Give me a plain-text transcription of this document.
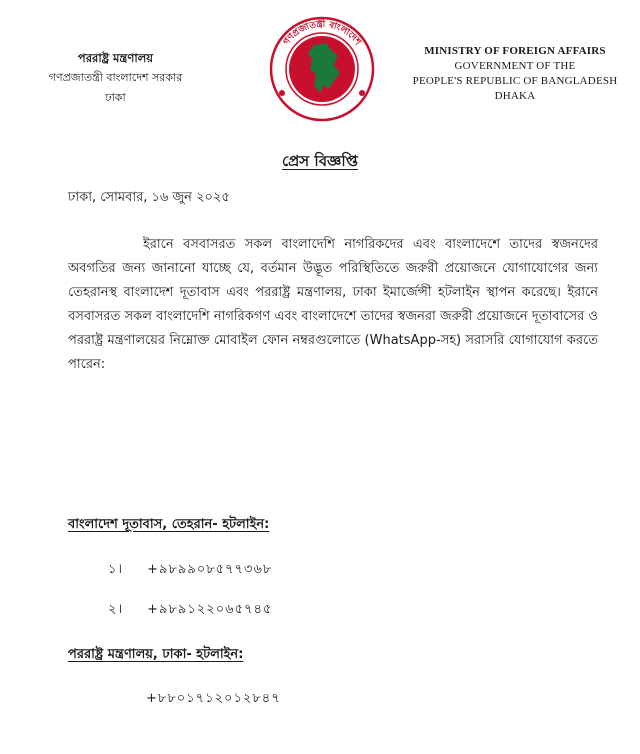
পররাষ্ট্র মন্ত্রণালয়
গণপ্রজাতন্ত্রী বাংলাদেশ সরকার
ঢাকা
গণপ্রজাতন্ত্রী বাংলাদেশ
সরকার
MINISTRY OF FOREIGN AFFAIRS
GOVERNMENT OF THE
PEOPLE'S REPUBLIC OF BANGLADESH
DHAKA
প্রেস বিজ্ঞপ্তি
ঢাকা, সোমবার, ১৬ জুন ২০২৫
ইরানে বসবাসরত সকল বাংলাদেশি নাগরিকদের এবং বাংলাদেশে তাদের স্বজনদের অবগতির জন্য জানানো যাচ্ছে যে, বর্তমান উদ্ভূত পরিস্থিতিতে জরুরী প্রয়োজনে যোগাযোগের জন্য তেহরানস্থ বাংলাদেশ দূতাবাস এবং পররাষ্ট্র মন্ত্রণালয়, ঢাকা ইমার্জেন্সী হটলাইন স্থাপন করেছে। ইরানে বসবাসরত সকল বাংলাদেশি নাগরিকগণ এবং বাংলাদেশে তাদের স্বজনরা জরুরী প্রয়োজনে দূতাবাসের ও পররাষ্ট্র মন্ত্রণালয়ের নিম্নোক্ত মোবাইল ফোন নম্বরগুলোতে (WhatsApp-সহ) সরাসরি যোগাযোগ করতে পারেন:
বাংলাদেশ দূতাবাস, তেহরান- হটলাইন:
১। +৯৮৯৯০৮৫৭৭৩৬৮
২। +৯৮৯১২২০৬৫৭৪৫
পররাষ্ট্র মন্ত্রণালয়, ঢাকা- হটলাইন:
+৮৮০১৭১২০১২৮৪৭
